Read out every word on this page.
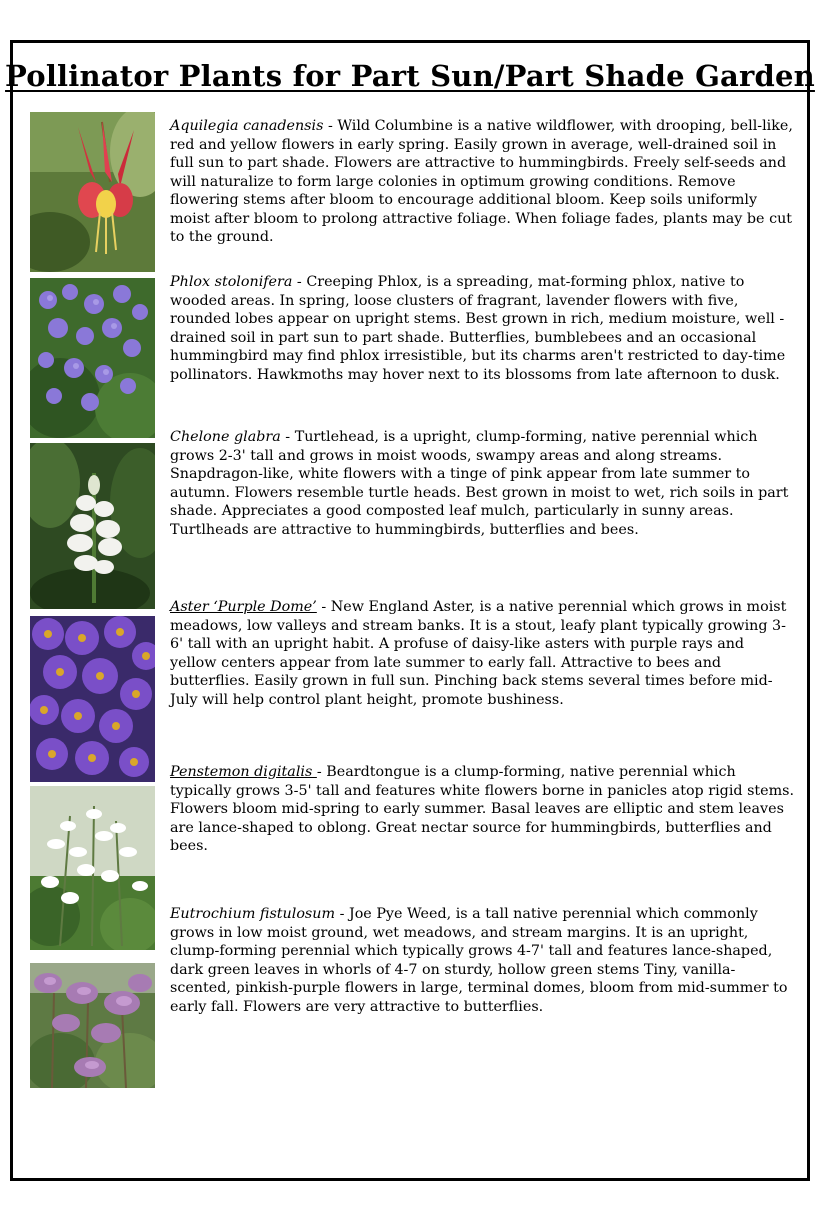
Pollinator Plants for Part Sun/Part Shade Garden

Aquilegia canadensis - Wild Columbine is a native wildflower, with drooping, bell-like, red and yellow flowers in early spring. Easily grown in average, well-drained soil in full sun to part shade. Flowers are attractive to hummingbirds. Freely self-seeds and will naturalize to form large colonies in optimum growing conditions. Remove flowering stems after bloom to encourage additional bloom. Keep soils uniformly moist after bloom to prolong attractive foliage. When foliage fades, plants may be cut to the ground.

Phlox stolonifera - Creeping Phlox, is a spreading, mat-forming phlox, native to wooded areas. In spring, loose clusters of fragrant, lavender flowers with five, rounded lobes appear on upright stems. Best grown in rich, medium moisture, well -drained soil in part sun to part shade. Butterflies, bumblebees and an occasional hummingbird may find phlox irresistible, but its charms aren't restricted to day-time pollinators. Hawkmoths may hover next to its blossoms from late afternoon to dusk.

Chelone glabra - Turtlehead, is a upright, clump-forming, native perennial which grows 2-3' tall and grows in moist woods, swampy areas and along streams. Snapdragon-like, white flowers with a tinge of pink appear from late summer to autumn. Flowers resemble turtle heads. Best grown in moist to wet, rich soils in part shade. Appreciates a good composted leaf mulch, particularly in sunny areas. Turtlheads are attractive to hummingbirds, butterflies and bees.

Aster ‘Purple Dome’ - New England Aster, is a native perennial which grows in moist meadows, low valleys and stream banks. It is a stout, leafy plant typically growing 3-6' tall with an upright habit. A profuse of daisy-like asters with purple rays and yellow centers appear from late summer to early fall. Attractive to bees and butterflies. Easily grown in full sun. Pinching back stems several times before mid-July will help control plant height, promote bushiness.

Penstemon digitalis - Beardtongue is a clump-forming, native perennial which typically grows 3-5' tall and features white flowers borne in panicles atop rigid stems. Flowers bloom mid-spring to early summer. Basal leaves are elliptic and stem leaves are lance-shaped to oblong. Great nectar source for hummingbirds, butterflies and bees.

Eutrochium fistulosum - Joe Pye Weed, is a tall native perennial which commonly grows in low moist ground, wet meadows, and stream margins. It is an upright, clump-forming perennial which typically grows 4-7' tall and features lance-shaped, dark green leaves in whorls of 4-7 on sturdy, hollow green stems Tiny, vanilla-scented, pinkish-purple flowers in large, terminal domes, bloom from mid-summer to early fall. Flowers are very attractive to butterflies.
